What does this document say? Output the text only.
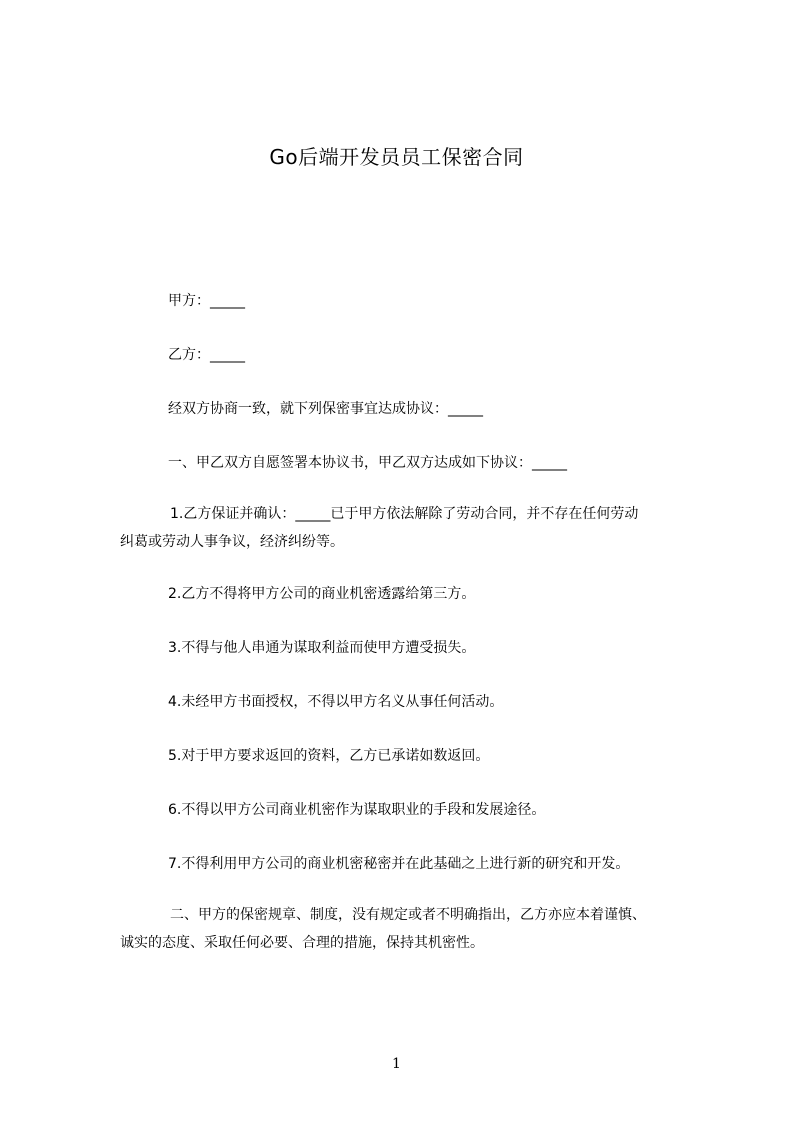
Go后端开发员员工保密合同
甲方：_____
乙方：_____
经双方协商一致，就下列保密事宜达成协议：_____
一、甲乙双方自愿签署本协议书，甲乙双方达成如下协议：_____
1.乙方保证并确认：_____已于甲方依法解除了劳动合同，并不存在任何劳动
纠葛或劳动人事争议，经济纠纷等。
2.乙方不得将甲方公司的商业机密透露给第三方。
3.不得与他人串通为谋取利益而使甲方遭受损失。
4.未经甲方书面授权，不得以甲方名义从事任何活动。
5.对于甲方要求返回的资料，乙方已承诺如数返回。
6.不得以甲方公司商业机密作为谋取职业的手段和发展途径。
7.不得利用甲方公司的商业机密秘密并在此基础之上进行新的研究和开发。
二、甲方的保密规章、制度，没有规定或者不明确指出，乙方亦应本着谨慎、
诚实的态度、采取任何必要、合理的措施，保持其机密性。
1
